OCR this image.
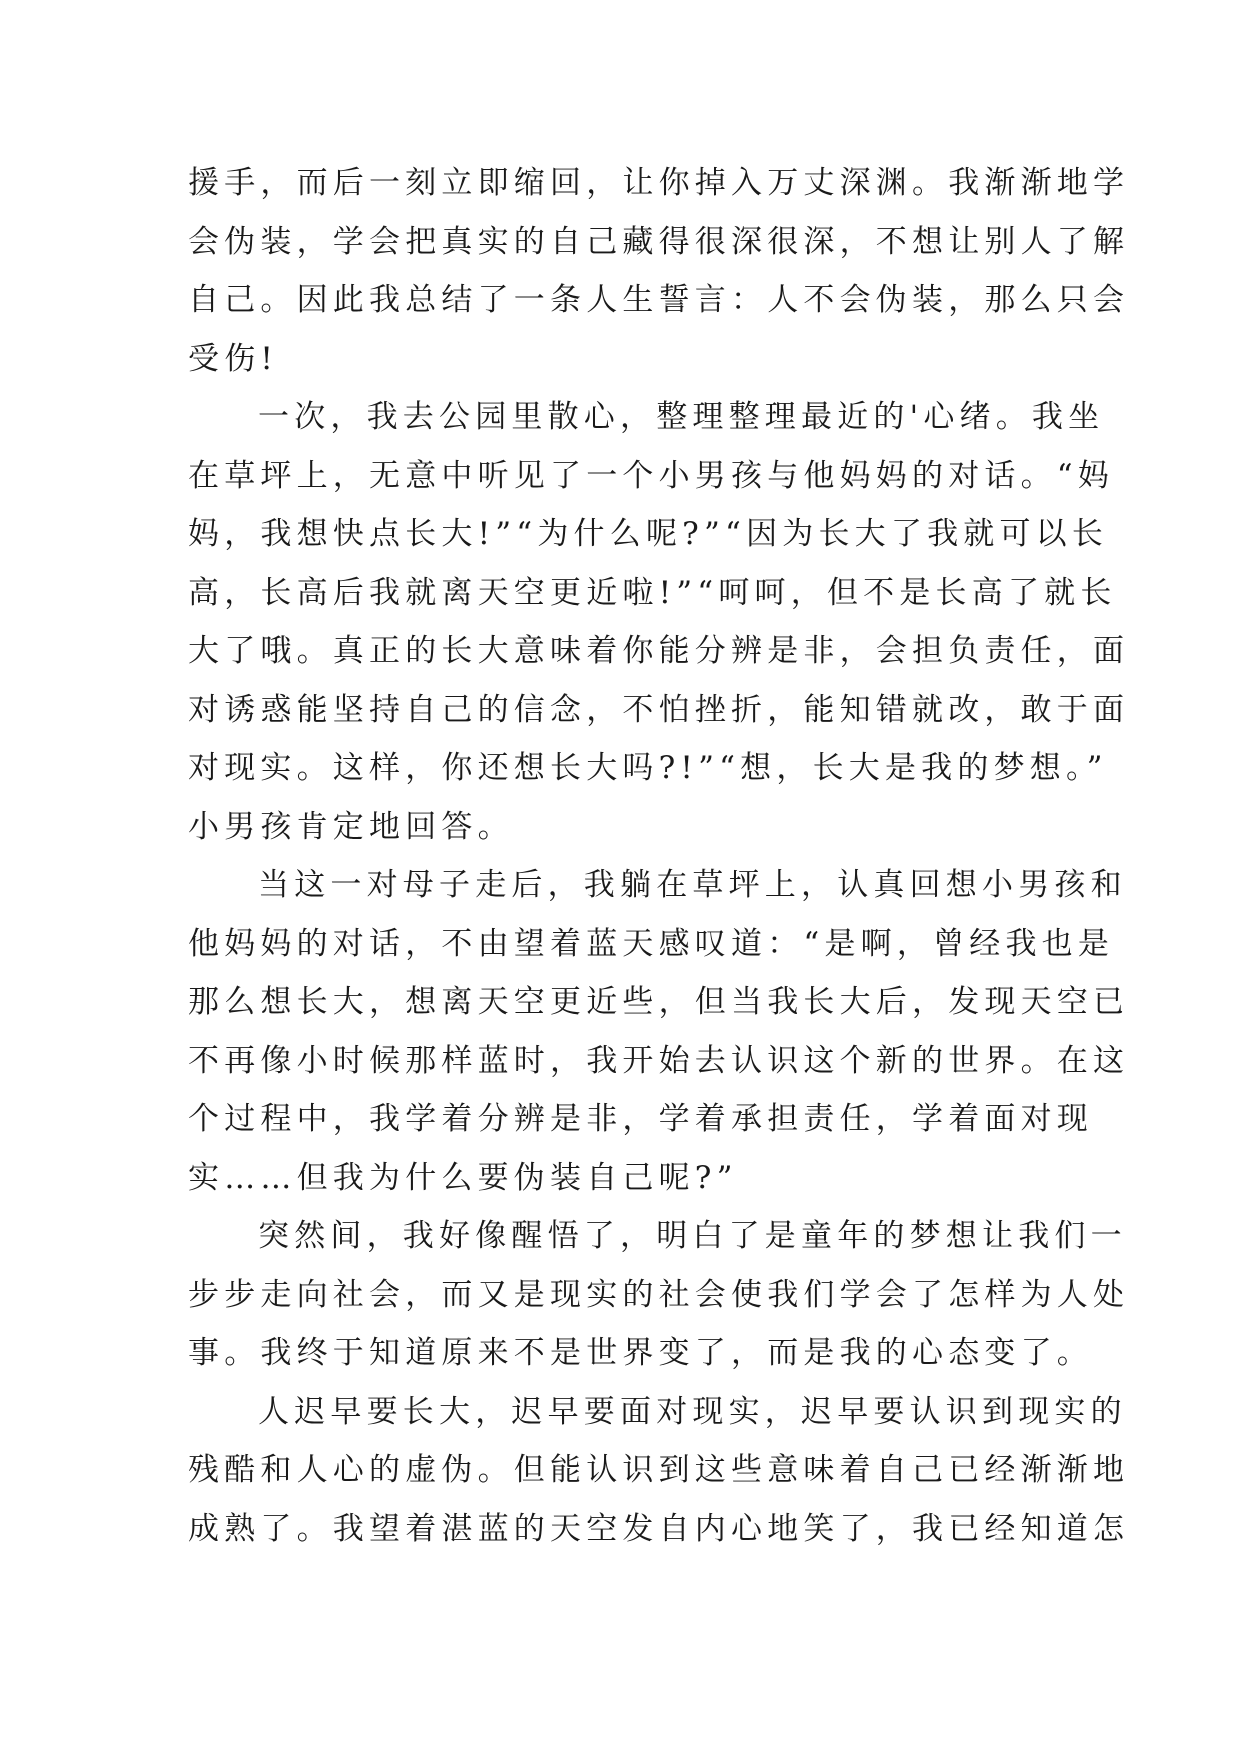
援手，而后一刻立即缩回，让你掉入万丈深渊。我渐渐地学
会伪装，学会把真实的自己藏得很深很深，不想让别人了解
自己。因此我总结了一条人生誓言：人不会伪装，那么只会
受伤!
一次，我去公园里散心，整理整理最近的'心绪。我坐
在草坪上，无意中听见了一个小男孩与他妈妈的对话。“妈
妈，我想快点长大!”“为什么呢?”“因为长大了我就可以长
高，长高后我就离天空更近啦!”“呵呵，但不是长高了就长
大了哦。真正的长大意味着你能分辨是非，会担负责任，面
对诱惑能坚持自己的信念，不怕挫折，能知错就改，敢于面
对现实。这样，你还想长大吗?!”“想，长大是我的梦想。”
小男孩肯定地回答。
当这一对母子走后，我躺在草坪上，认真回想小男孩和
他妈妈的对话，不由望着蓝天感叹道：“是啊，曾经我也是
那么想长大，想离天空更近些，但当我长大后，发现天空已
不再像小时候那样蓝时，我开始去认识这个新的世界。在这
个过程中，我学着分辨是非，学着承担责任，学着面对现
实……但我为什么要伪装自己呢?”
突然间，我好像醒悟了，明白了是童年的梦想让我们一
步步走向社会，而又是现实的社会使我们学会了怎样为人处
事。我终于知道原来不是世界变了，而是我的心态变了。
人迟早要长大，迟早要面对现实，迟早要认识到现实的
残酷和人心的虚伪。但能认识到这些意味着自己已经渐渐地
成熟了。我望着湛蓝的天空发自内心地笑了，我已经知道怎
